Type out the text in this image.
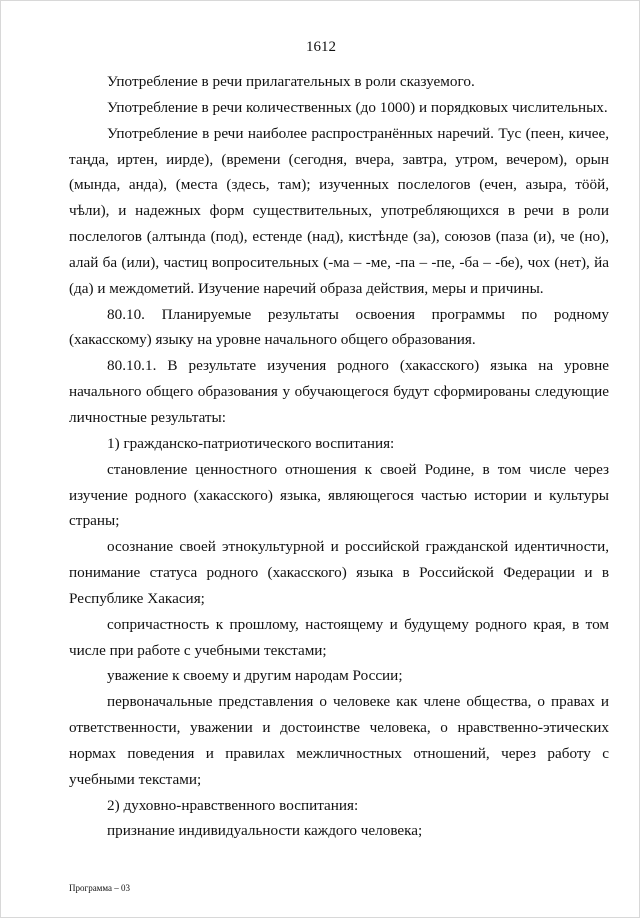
1612

Употребление в речи прилагательных в роли сказуемого.

Употребление в речи количественных (до 1000) и порядковых числительных.

Употребление в речи наиболее распространённых наречий. Тус (пеен, кичее, таңда, иртен, иирде), (времени (сегодня, вчера, завтра, утром, вечером), орын (мында, анда), (места (здесь, там); изученных послелогов (ечен, азыра, тööй, чѣли), и надежных форм существительных, употребляющихся в речи в роли послелогов (алтында (под), естенде (над), кистѣнде (за), союзов (паза (и), че (но), алай ба (или), частиц вопросительных (-ма – -ме, -па – -пе, -ба – -бе), чох (нет), йа (да) и междометий. Изучение наречий образа действия, меры и причины.

80.10. Планируемые результаты освоения программы по родному (хакасскому) языку на уровне начального общего образования.

80.10.1. В результате изучения родного (хакасского) языка на уровне начального общего образования у обучающегося будут сформированы следующие личностные результаты:

1) гражданско-патриотического воспитания:

становление ценностного отношения к своей Родине, в том числе через изучение родного (хакасского) языка, являющегося частью истории и культуры страны;

осознание своей этнокультурной и российской гражданской идентичности, понимание статуса родного (хакасского) языка в Российской Федерации и в Республике Хакасия;

сопричастность к прошлому, настоящему и будущему родного края, в том числе при работе с учебными текстами;

уважение к своему и другим народам России;

первоначальные представления о человеке как члене общества, о правах и ответственности, уважении и достоинстве человека, о нравственно-этических нормах поведения и правилах межличностных отношений, через работу с учебными текстами;

2) духовно-нравственного воспитания:

признание индивидуальности каждого человека;

Программа – 03
